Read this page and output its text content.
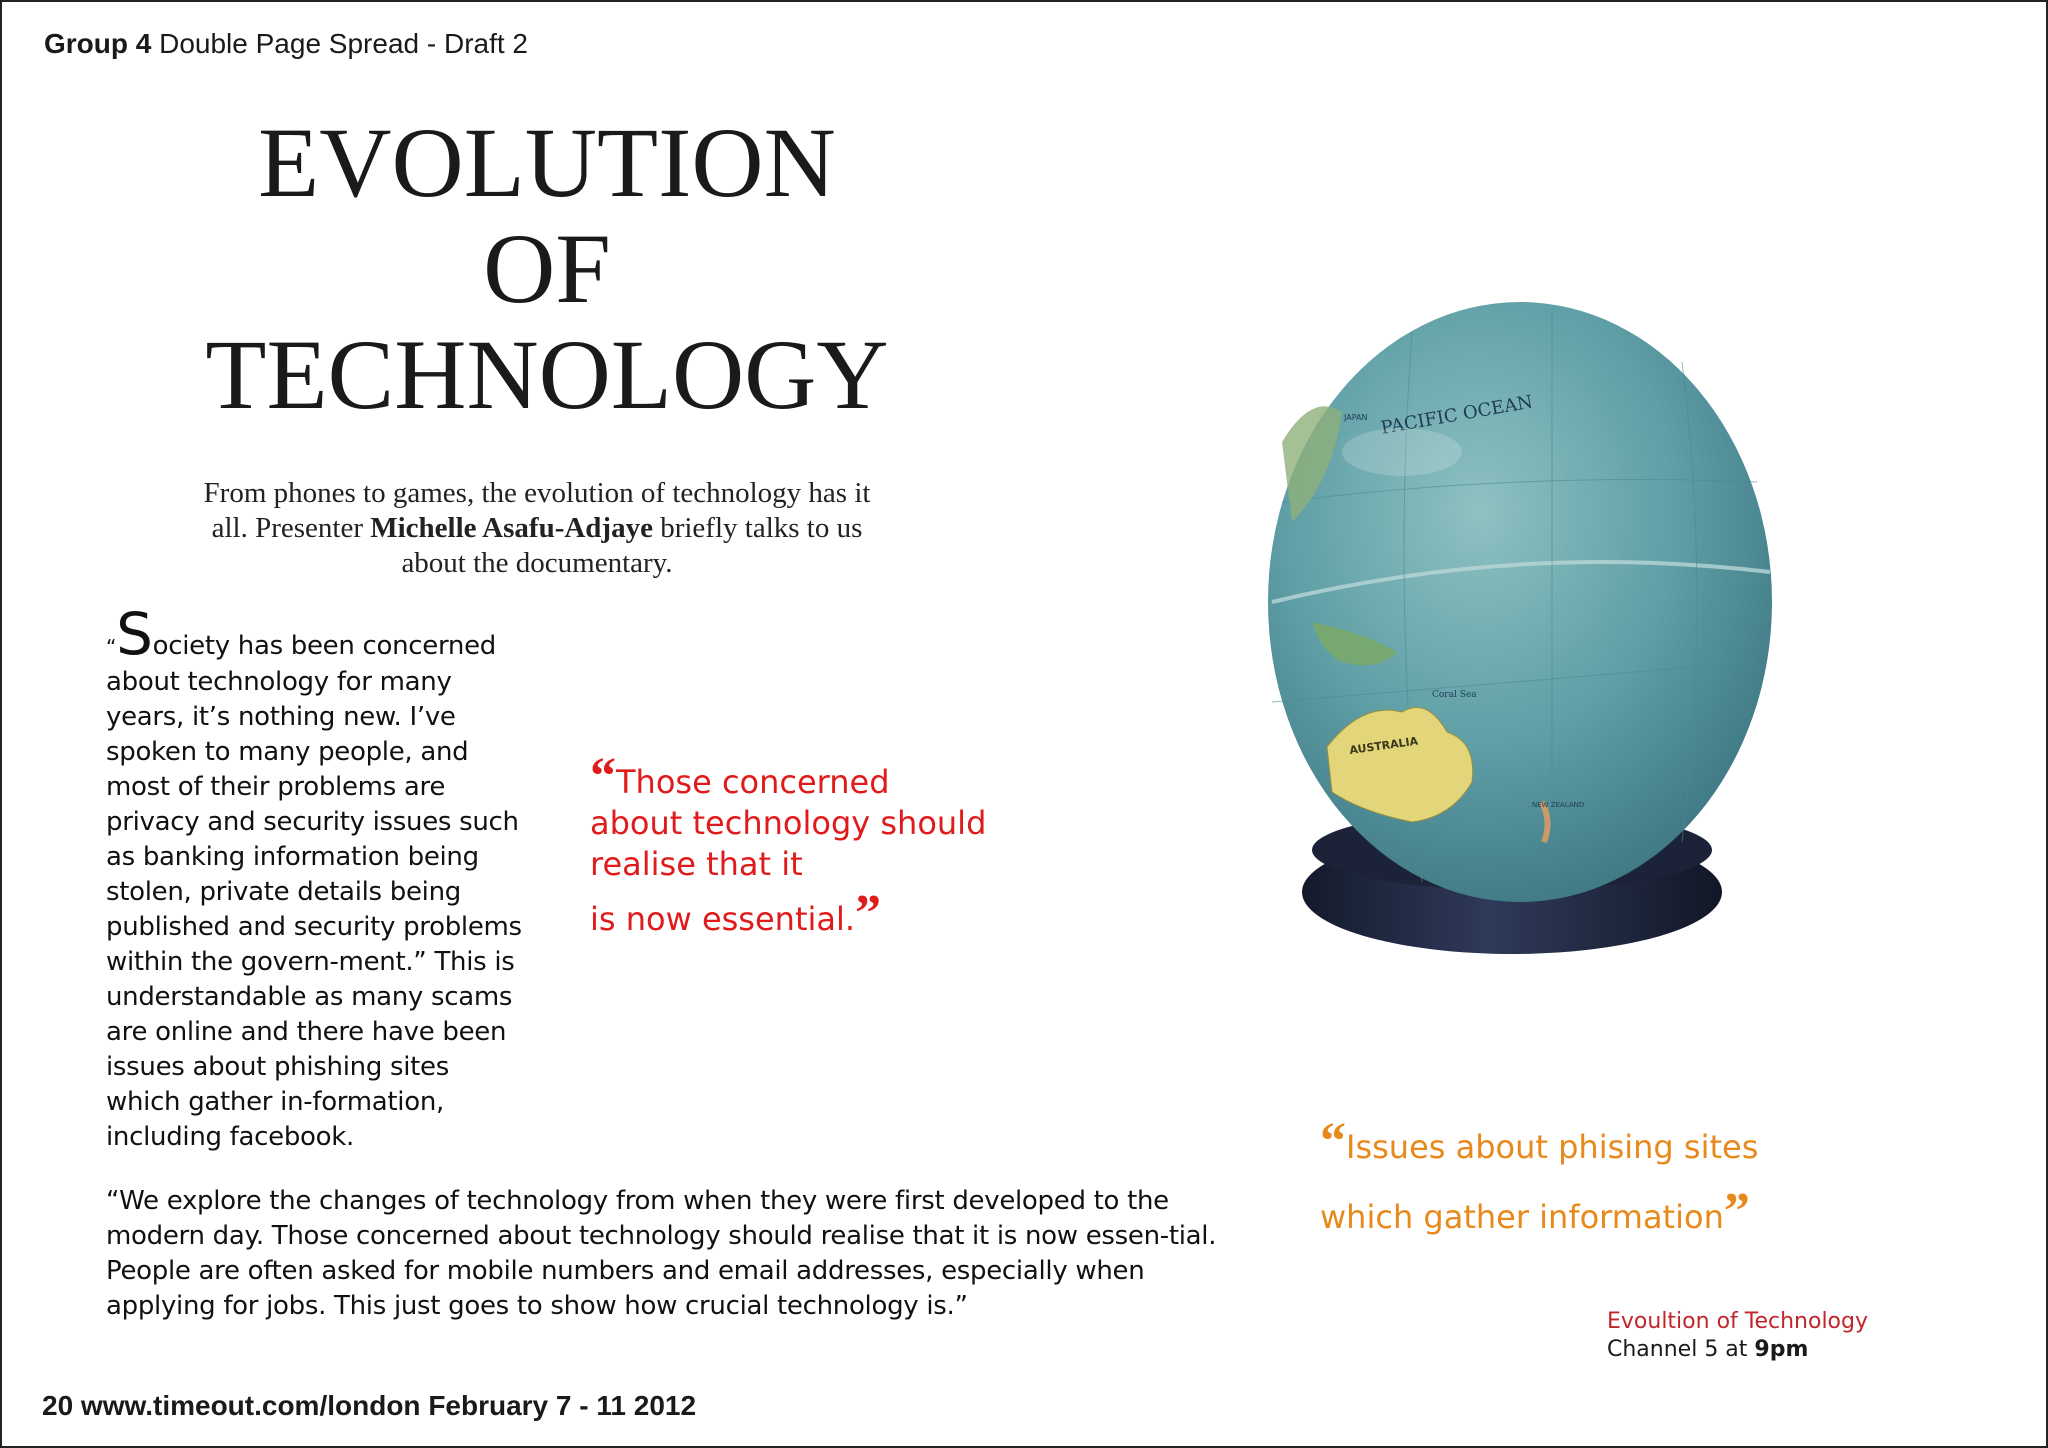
Group 4 Double Page Spread - Draft 2
EVOLUTION
OF
TECHNOLOGY
From phones to games, the evolution of technology has it all. Presenter Michelle Asafu-Adjaye briefly talks to us about the documentary.
“Society has been concerned about technology for many years, it’s nothing new. I’ve spoken to many people, and most of their problems are privacy and security issues such as banking information being stolen, private details being published and security problems within the govern-ment.” This is understandable as many scams are online and there have been issues about phishing sites which gather in-formation, including facebook.
“Those concerned about technology should realise that it
is now essential.”
PACIFIC OCEAN
JAPAN
AUSTRALIA
NEW ZEALAND
Coral Sea
“We explore the changes of technology from when they were first developed to the modern day. Those concerned about technology should realise that it is now essen-tial. People are often asked for mobile numbers and email addresses, especially when applying for jobs. This just goes to show how crucial technology is.”
“Issues about phising sites
which gather information”
Evoultion of Technology
Channel 5 at 9pm
20 www.timeout.com/london February 7 - 11 2012
